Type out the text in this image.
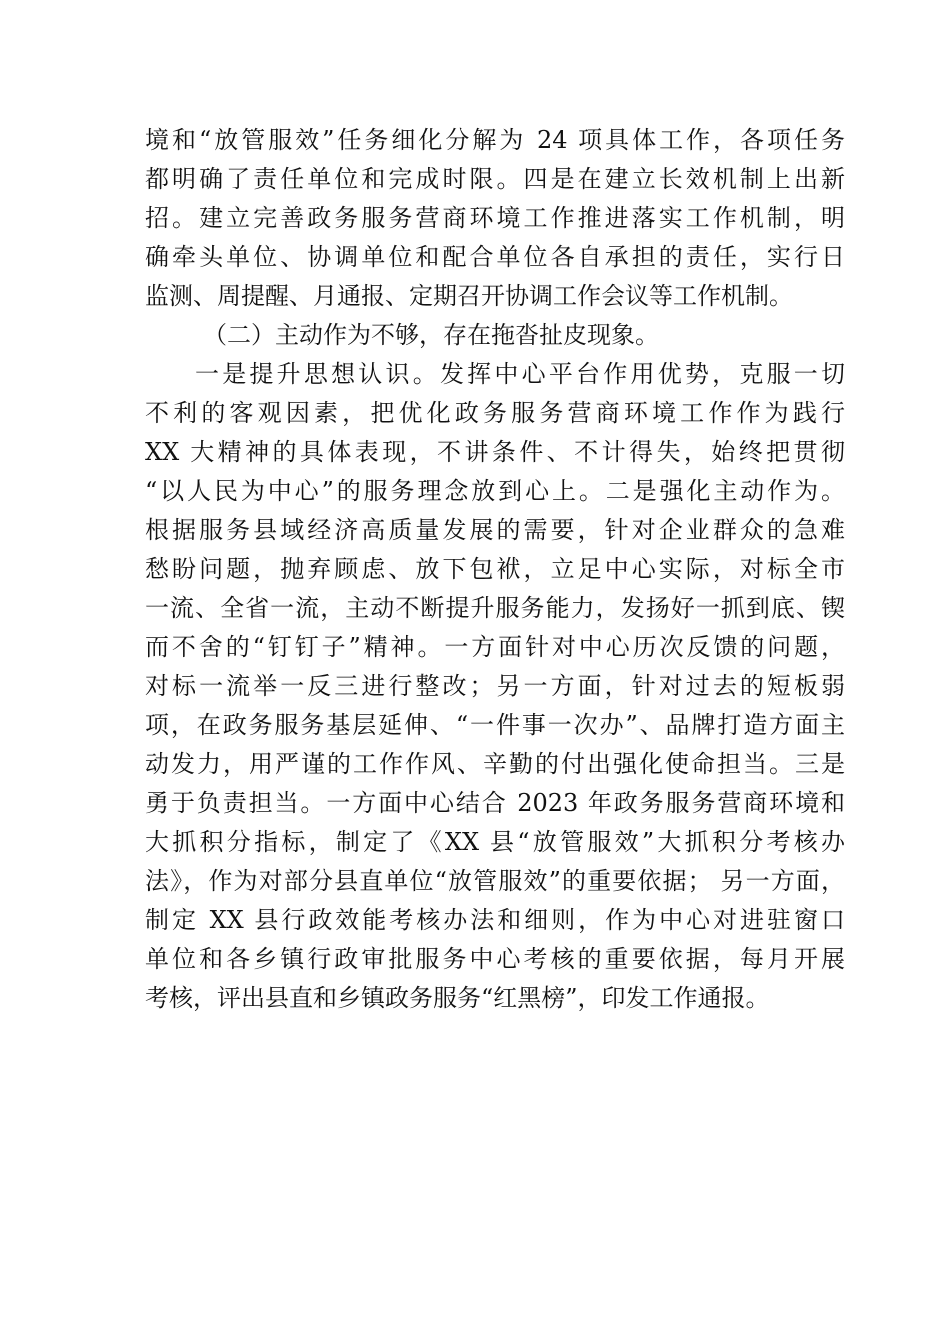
境和“放管服效”任务细化分解为 24 项具体工作，各项任务
都明确了责任单位和完成时限。四是在建立长效机制上出新
招。建立完善政务服务营商环境工作推进落实工作机制，明
确牵头单位、协调单位和配合单位各自承担的责任，实行日
监测、周提醒、月通报、定期召开协调工作会议等工作机制。
（二）主动作为不够，存在拖沓扯皮现象。
一是提升思想认识。发挥中心平台作用优势，克服一切
不利的客观因素，把优化政务服务营商环境工作作为践行
XX 大精神的具体表现，不讲条件、不计得失，始终把贯彻
“以人民为中心”的服务理念放到心上。二是强化主动作为。
根据服务县域经济高质量发展的需要，针对企业群众的急难
愁盼问题，抛弃顾虑、放下包袱，立足中心实际，对标全市
一流、全省一流，主动不断提升服务能力，发扬好一抓到底、锲
而不舍的“钉钉子”精神。一方面针对中心历次反馈的问题，
对标一流举一反三进行整改；另一方面，针对过去的短板弱
项，在政务服务基层延伸、“一件事一次办”、品牌打造方面主
动发力，用严谨的工作作风、辛勤的付出强化使命担当。三是
勇于负责担当。一方面中心结合 2023 年政务服务营商环境和
大抓积分指标，制定了《XX 县“放管服效”大抓积分考核办
法》，作为对部分县直单位“放管服效”的重要依据； 另一方面，
制定 XX 县行政效能考核办法和细则，作为中心对进驻窗口
单位和各乡镇行政审批服务中心考核的重要依据，每月开展
考核，评出县直和乡镇政务服务“红黑榜”，印发工作通报。
